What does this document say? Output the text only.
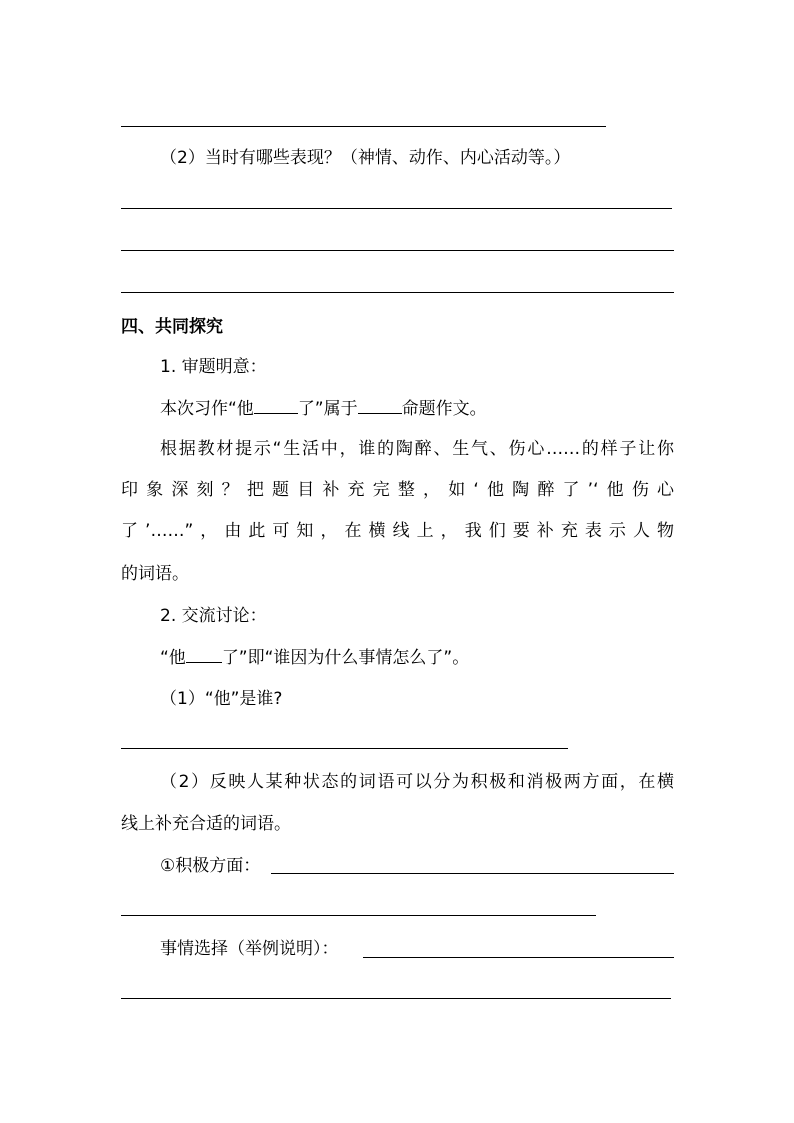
（2）当时有哪些表现？（神情、动作、内心活动等。）
四、共同探究
1. 审题明意：
本次习作“他	了”属于	命题作文。
根据教材提示“生活中，谁的陶醉、生气、伤心……的样子让你
印象深刻？把题目补充完整，如‘他陶醉了’‘他伤心
了’……”，由此可知，在横线上，我们要补充表示人物
的词语。
2. 交流讨论：
“他 了”即“谁因为什么事情怎么了”。
（1）“他”是谁?
（2）反映人某种状态的词语可以分为积极和消极两方面，在横
线上补充合适的词语。
①积极方面：
事情选择（举例说明）：
